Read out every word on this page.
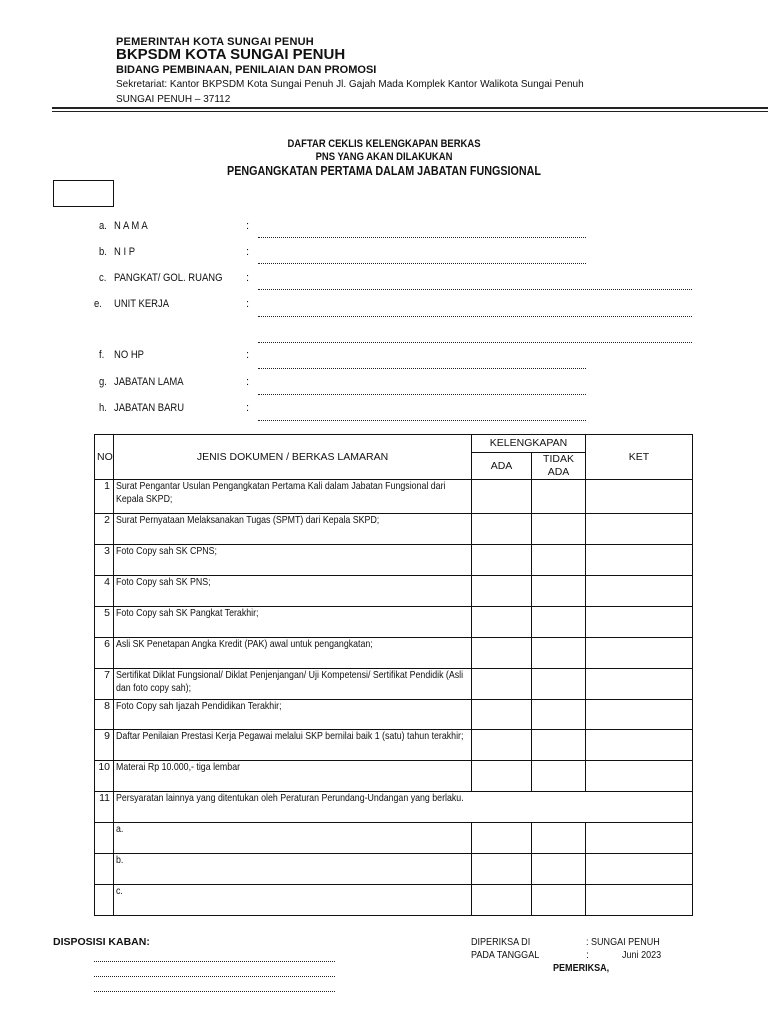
PEMERINTAH KOTA SUNGAI PENUH
BKPSDM KOTA SUNGAI PENUH
BIDANG PEMBINAAN, PENILAIAN DAN PROMOSI
Sekretariat: Kantor BKPSDM Kota Sungai Penuh Jl. Gajah Mada Komplek Kantor Walikota Sungai Penuh
SUNGAI PENUH – 37112
DAFTAR CEKLIS KELENGKAPAN BERKAS
PNS YANG AKAN DILAKUKAN
PENGANGKATAN PERTAMA DALAM JABATAN FUNGSIONAL
a. N A M A	:
b. N I P	:
c. PANGKAT/ GOL. RUANG :
e. UNIT KERJA	:
f. NO HP	:
g. JABATAN LAMA	:
h. JABATAN BARU	:
NO	JENIS DOKUMEN / BERKAS LAMARAN	KELENGKAPAN		KET
		ADA	TIDAK ADA	
1	Surat Pengantar Usulan Pengangkatan Pertama Kali dalam Jabatan Fungsional dari Kepala SKPD;			
2	Surat Pernyataan Melaksanakan Tugas (SPMT) dari Kepala SKPD;			
3	Foto Copy sah SK CPNS;			
4	Foto Copy sah SK PNS;			
5	Foto Copy sah SK Pangkat Terakhir;			
6	Asli SK Penetapan Angka Kredit (PAK) awal untuk pengangkatan;			
7	Sertifikat Diklat Fungsional/ Diklat Penjenjangan/ Uji Kompetensi/ Sertifikat Pendidik (Asli dan foto copy sah);			
8	Foto Copy sah Ijazah Pendidikan Terakhir;			
9	Daftar Penilaian Prestasi Kerja Pegawai melalui SKP bernilai baik 1 (satu) tahun terakhir;			
10	Materai Rp 10.000,- tiga lembar			
11	Persyaratan lainnya yang ditentukan oleh Peraturan Perundang-Undangan yang berlaku.			
	a.			
	b.			
	c.			
DISPOSISI KABAN:	DIPERIKSA DI	: SUNGAI PENUH
PADA TANGGAL	:	Juni 2023
PEMERIKSA,
